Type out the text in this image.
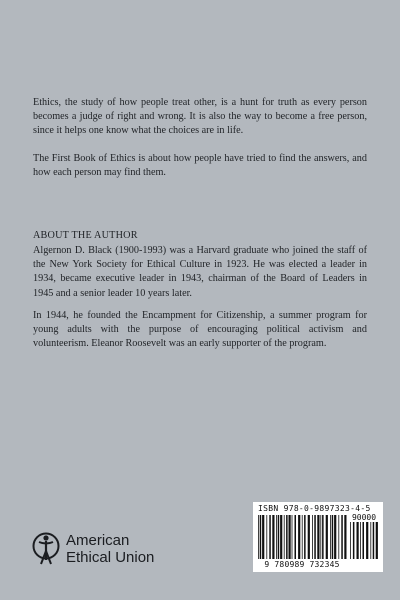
Ethics, the study of how people treat other, is a hunt for truth as every person becomes a judge of right and wrong. It is also the way to become a free person, since it helps one know what the choices are in life.

The First Book of Ethics is about how people have tried to find the answers, and how each person may find them.

ABOUT THE AUTHOR

Algernon D. Black (1900-1993) was a Harvard graduate who joined the staff of the New York Society for Ethical Culture in 1923. He was elected a leader in 1934, became executive leader in 1943, chairman of the Board of Leaders in 1945 and a senior leader 10 years later.

In 1944, he founded the Encampment for Citizenship, a summer program for young adults with the purpose of encouraging political activism and volunteerism. Eleanor Roosevelt was an early supporter of the program.

American
Ethical Union
ISBN 978-0-9897323-4-5
90000
9 780989 732345
